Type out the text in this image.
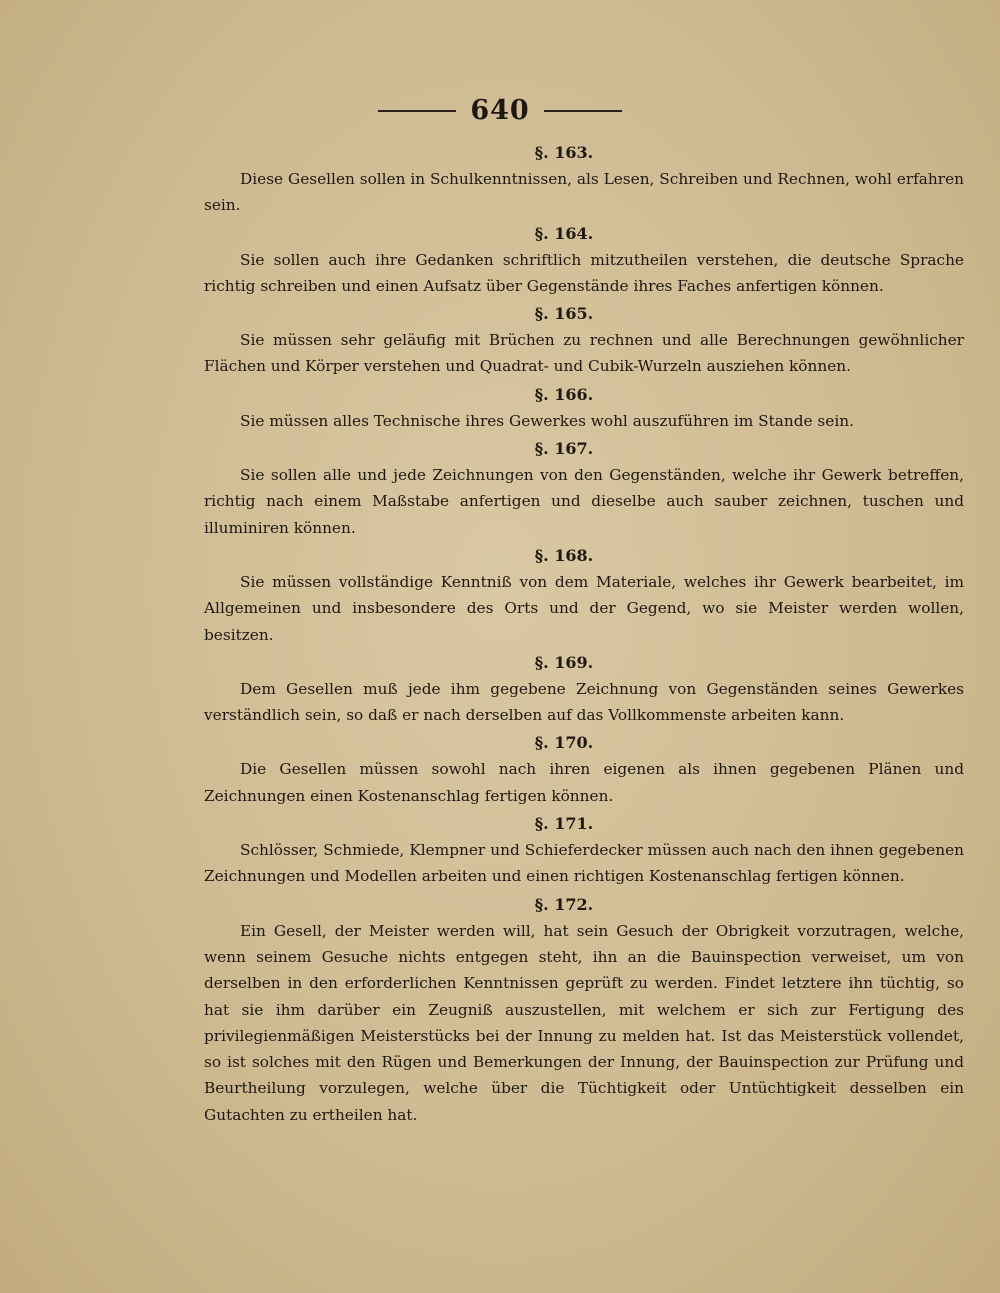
640
§. 163.

Diese Gesellen sollen in Schulkenntnissen, als Lesen, Schreiben und Rechnen, wohl erfahren sein.

§. 164.

Sie sollen auch ihre Gedanken schriftlich mitzutheilen verstehen, die deutsche Sprache richtig schreiben und einen Aufsatz über Gegenstände ihres Faches anfertigen können.

§. 165.

Sie müssen sehr geläufig mit Brüchen zu rechnen und alle Berechnungen gewöhnlicher Flächen und Körper verstehen und Quadrat- und Cubik-Wurzeln ausziehen können.

§. 166.

Sie müssen alles Technische ihres Gewerkes wohl auszuführen im Stande sein.

§. 167.

Sie sollen alle und jede Zeichnungen von den Gegenständen, welche ihr Gewerk betreffen, richtig nach einem Maßstabe anfertigen und dieselbe auch sauber zeichnen, tuschen und illuminiren können.

§. 168.

Sie müssen vollständige Kenntniß von dem Materiale, welches ihr Gewerk bearbeitet, im Allgemeinen und insbesondere des Orts und der Gegend, wo sie Meister werden wollen, besitzen.

§. 169.

Dem Gesellen muß jede ihm gegebene Zeichnung von Gegenständen seines Gewerkes verständlich sein, so daß er nach derselben auf das Vollkommenste arbeiten kann.

§. 170.

Die Gesellen müssen sowohl nach ihren eigenen als ihnen gegebenen Plänen und Zeichnungen einen Kostenanschlag fertigen können.

§. 171.

Schlösser, Schmiede, Klempner und Schieferdecker müssen auch nach den ihnen gegebenen Zeichnungen und Modellen arbeiten und einen richtigen Kostenanschlag fertigen können.

§. 172.

Ein Gesell, der Meister werden will, hat sein Gesuch der Obrigkeit vorzutragen, welche, wenn seinem Gesuche nichts entgegen steht, ihn an die Bauinspection verweiset, um von derselben in den erforderlichen Kenntnissen geprüft zu werden. Findet letztere ihn tüchtig, so hat sie ihm darüber ein Zeugniß auszustellen, mit welchem er sich zur Fertigung des privilegienmäßigen Meisterstücks bei der Innung zu melden hat. Ist das Meisterstück vollendet, so ist solches mit den Rügen und Bemerkungen der Innung, der Bauinspection zur Prüfung und Beurtheilung vorzulegen, welche über die Tüchtigkeit oder Untüchtigkeit desselben ein Gutachten zu ertheilen hat.
